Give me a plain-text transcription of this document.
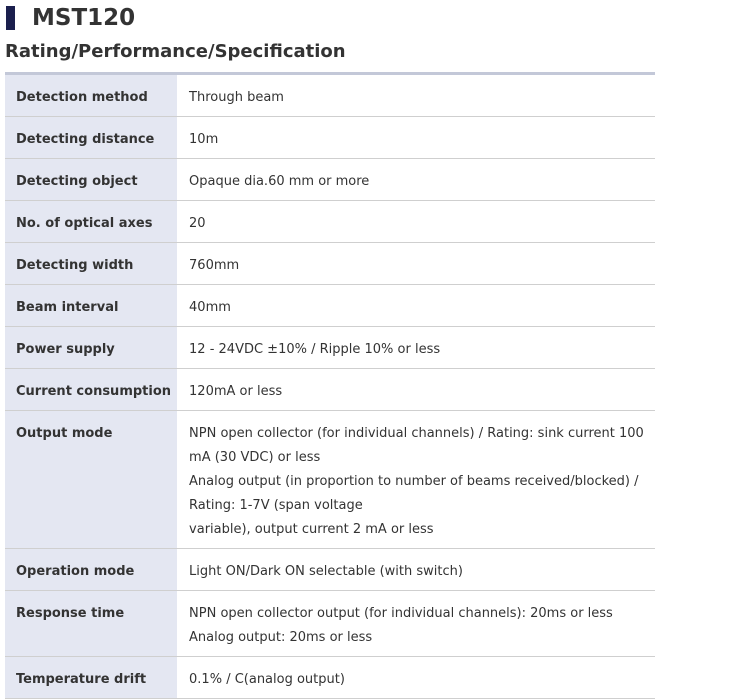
MST120
Rating/Performance/Specification
Detection method	Through beam

Detecting distance	10m

Detecting object	Opaque dia.60 mm or more

No. of optical axes	20

Detecting width	760mm

Beam interval	40mm

Power supply	12 - 24VDC ±10% / Ripple 10% or less

Current consumption	120mA or less

Output mode	NPN open collector (for individual channels) / Rating: sink current 100
mA (30 VDC) or less
Analog output (in proportion to number of beams received/blocked) /
Rating: 1-7V (span voltage
variable), output current 2 mA or less

Operation mode	Light ON/Dark ON selectable (with switch)

Response time	NPN open collector output (for individual channels): 20ms or less
Analog output: 20ms or less

Temperature drift	0.1% / C(analog output)
